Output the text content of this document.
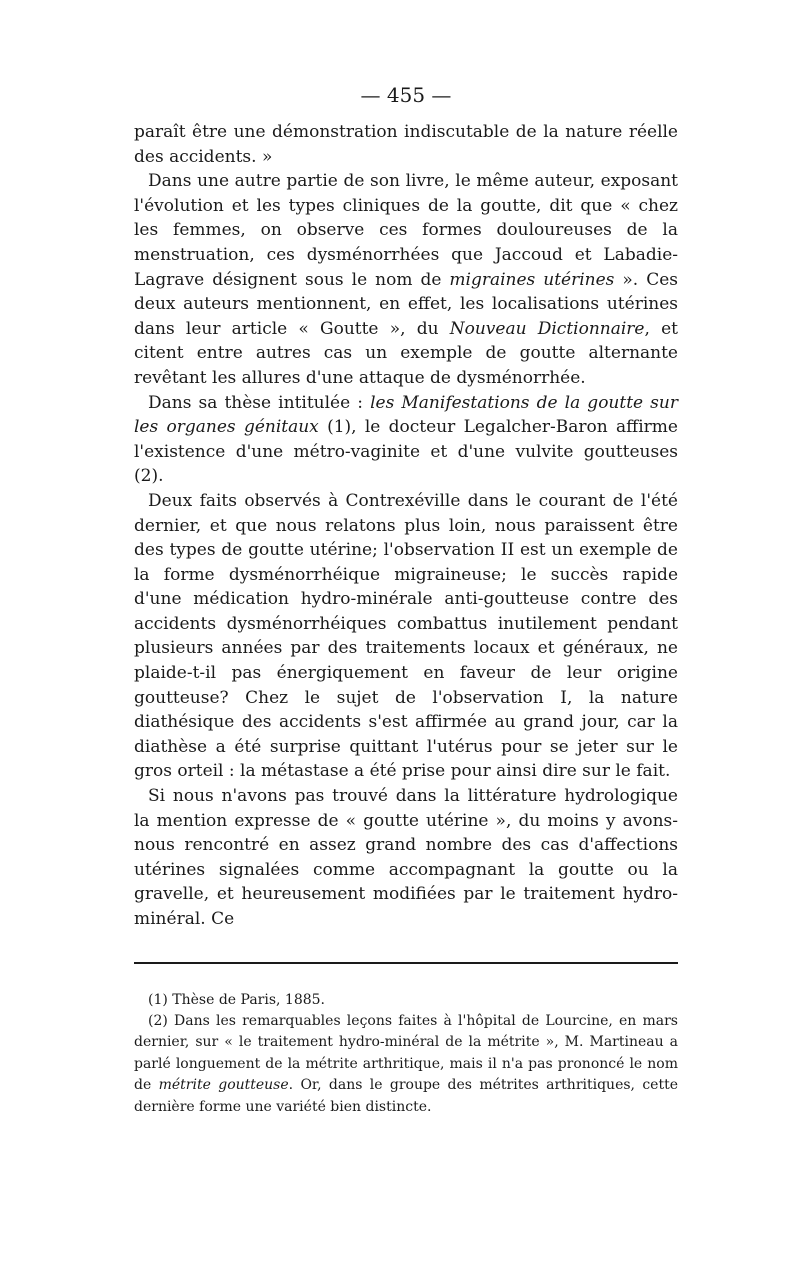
— 455 —

paraît être une démonstration indiscutable de la nature réelle des accidents. »

Dans une autre partie de son livre, le même auteur, exposant l'évolution et les types cliniques de la goutte, dit que « chez les femmes, on observe ces formes douloureuses de la menstruation, ces dysménorrhées que Jaccoud et Labadie-Lagrave désignent sous le nom de migraines utérines ». Ces deux auteurs mentionnent, en effet, les localisations utérines dans leur article « Goutte », du Nouveau Dictionnaire, et citent entre autres cas un exemple de goutte alternante revêtant les allures d'une attaque de dysménorrhée.

Dans sa thèse intitulée : les Manifestations de la goutte sur les organes génitaux (1), le docteur Legalcher-Baron affirme l'existence d'une métro-vaginite et d'une vulvite goutteuses (2).

Deux faits observés à Contrexéville dans le courant de l'été dernier, et que nous relatons plus loin, nous paraissent être des types de goutte utérine; l'observation II est un exemple de la forme dysménorrhéique migraineuse; le succès rapide d'une médication hydro-minérale anti-goutteuse contre des accidents dysménorrhéiques combattus inutilement pendant plusieurs années par des traitements locaux et généraux, ne plaide-t-il pas énergiquement en faveur de leur origine goutteuse? Chez le sujet de l'observation I, la nature diathésique des accidents s'est affirmée au grand jour, car la diathèse a été surprise quittant l'utérus pour se jeter sur le gros orteil : la métastase a été prise pour ainsi dire sur le fait.

Si nous n'avons pas trouvé dans la littérature hydrologique la mention expresse de « goutte utérine », du moins y avons-nous rencontré en assez grand nombre des cas d'affections utérines signalées comme accompagnant la goutte ou la gravelle, et heureusement modifiées par le traitement hydro-minéral. Ce

(1) Thèse de Paris, 1885.

(2) Dans les remarquables leçons faites à l'hôpital de Lourcine, en mars dernier, sur « le traitement hydro-minéral de la métrite », M. Martineau a parlé longuement de la métrite arthritique, mais il n'a pas prononcé le nom de métrite goutteuse. Or, dans le groupe des métrites arthritiques, cette dernière forme une variété bien distincte.
